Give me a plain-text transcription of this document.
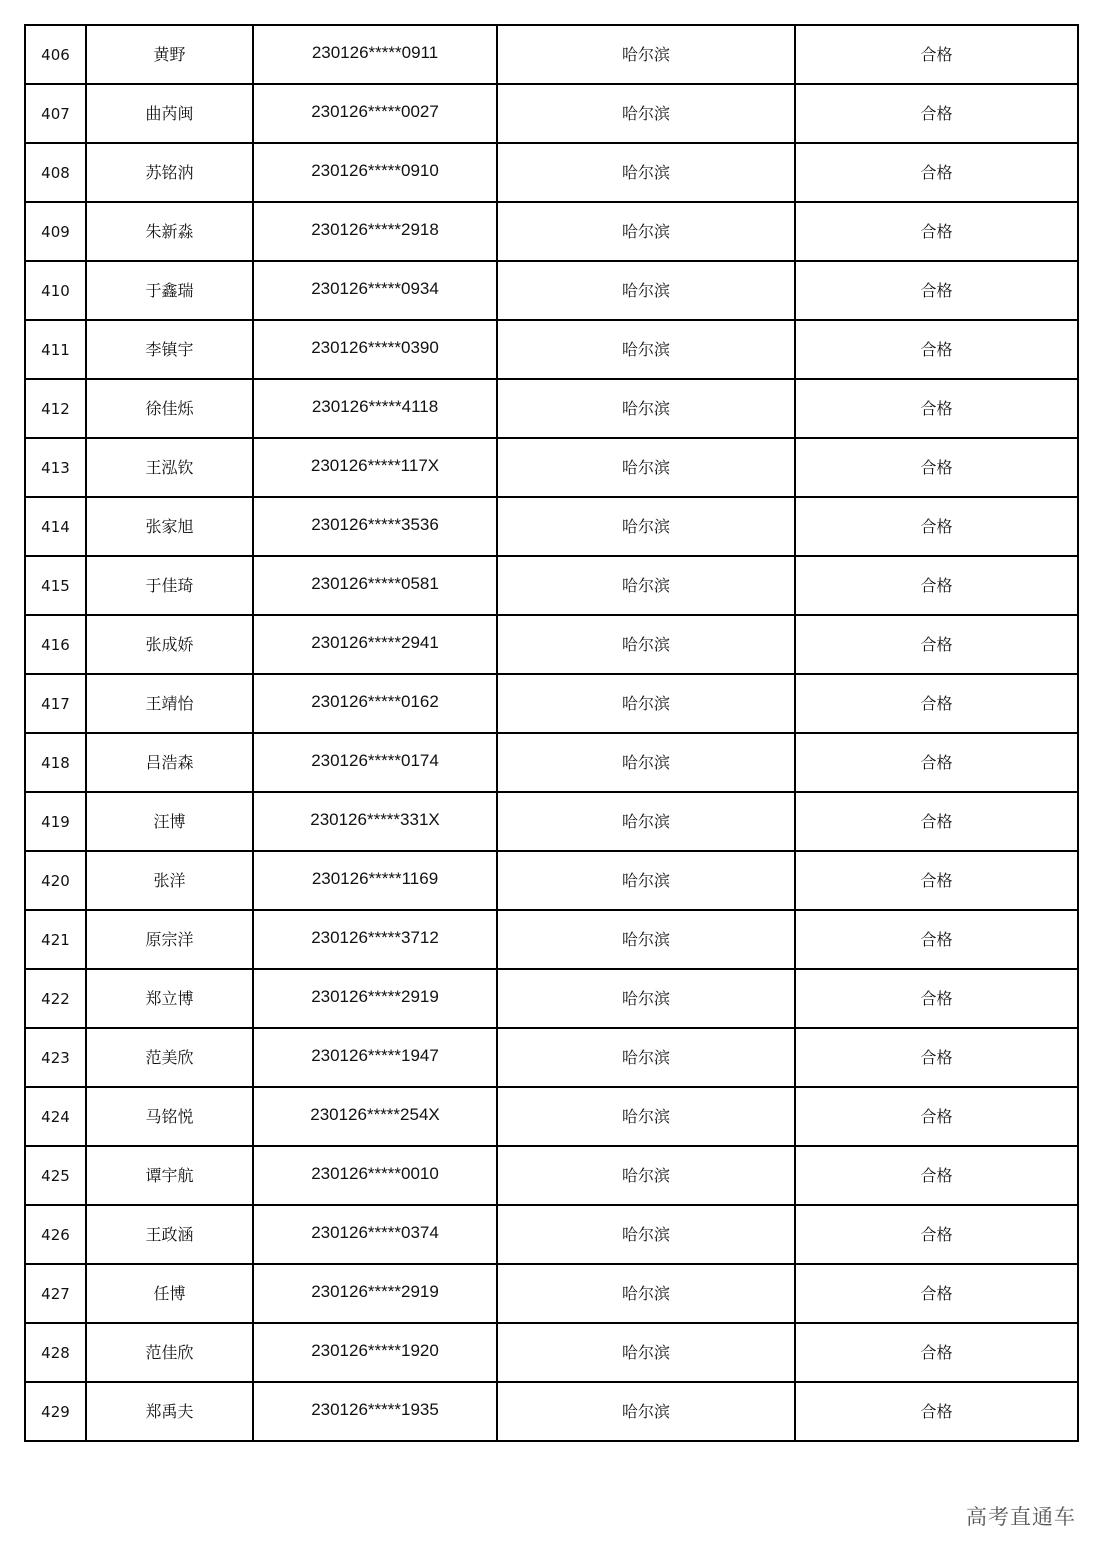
406	黄野	230126*****0911	哈尔滨	合格
407	曲芮闽	230126*****0027	哈尔滨	合格
408	苏铭汭	230126*****0910	哈尔滨	合格
409	朱新淼	230126*****2918	哈尔滨	合格
410	于鑫瑞	230126*****0934	哈尔滨	合格
411	李镇宇	230126*****0390	哈尔滨	合格
412	徐佳烁	230126*****4118	哈尔滨	合格
413	王泓钦	230126*****117X	哈尔滨	合格
414	张家旭	230126*****3536	哈尔滨	合格
415	于佳琦	230126*****0581	哈尔滨	合格
416	张成娇	230126*****2941	哈尔滨	合格
417	王靖怡	230126*****0162	哈尔滨	合格
418	吕浩森	230126*****0174	哈尔滨	合格
419	汪博	230126*****331X	哈尔滨	合格
420	张洋	230126*****1169	哈尔滨	合格
421	原宗洋	230126*****3712	哈尔滨	合格
422	郑立博	230126*****2919	哈尔滨	合格
423	范美欣	230126*****1947	哈尔滨	合格
424	马铭悦	230126*****254X	哈尔滨	合格
425	谭宇航	230126*****0010	哈尔滨	合格
426	王政涵	230126*****0374	哈尔滨	合格
427	任博	230126*****2919	哈尔滨	合格
428	范佳欣	230126*****1920	哈尔滨	合格
429	郑禹夫	230126*****1935	哈尔滨	合格
高考直通车
